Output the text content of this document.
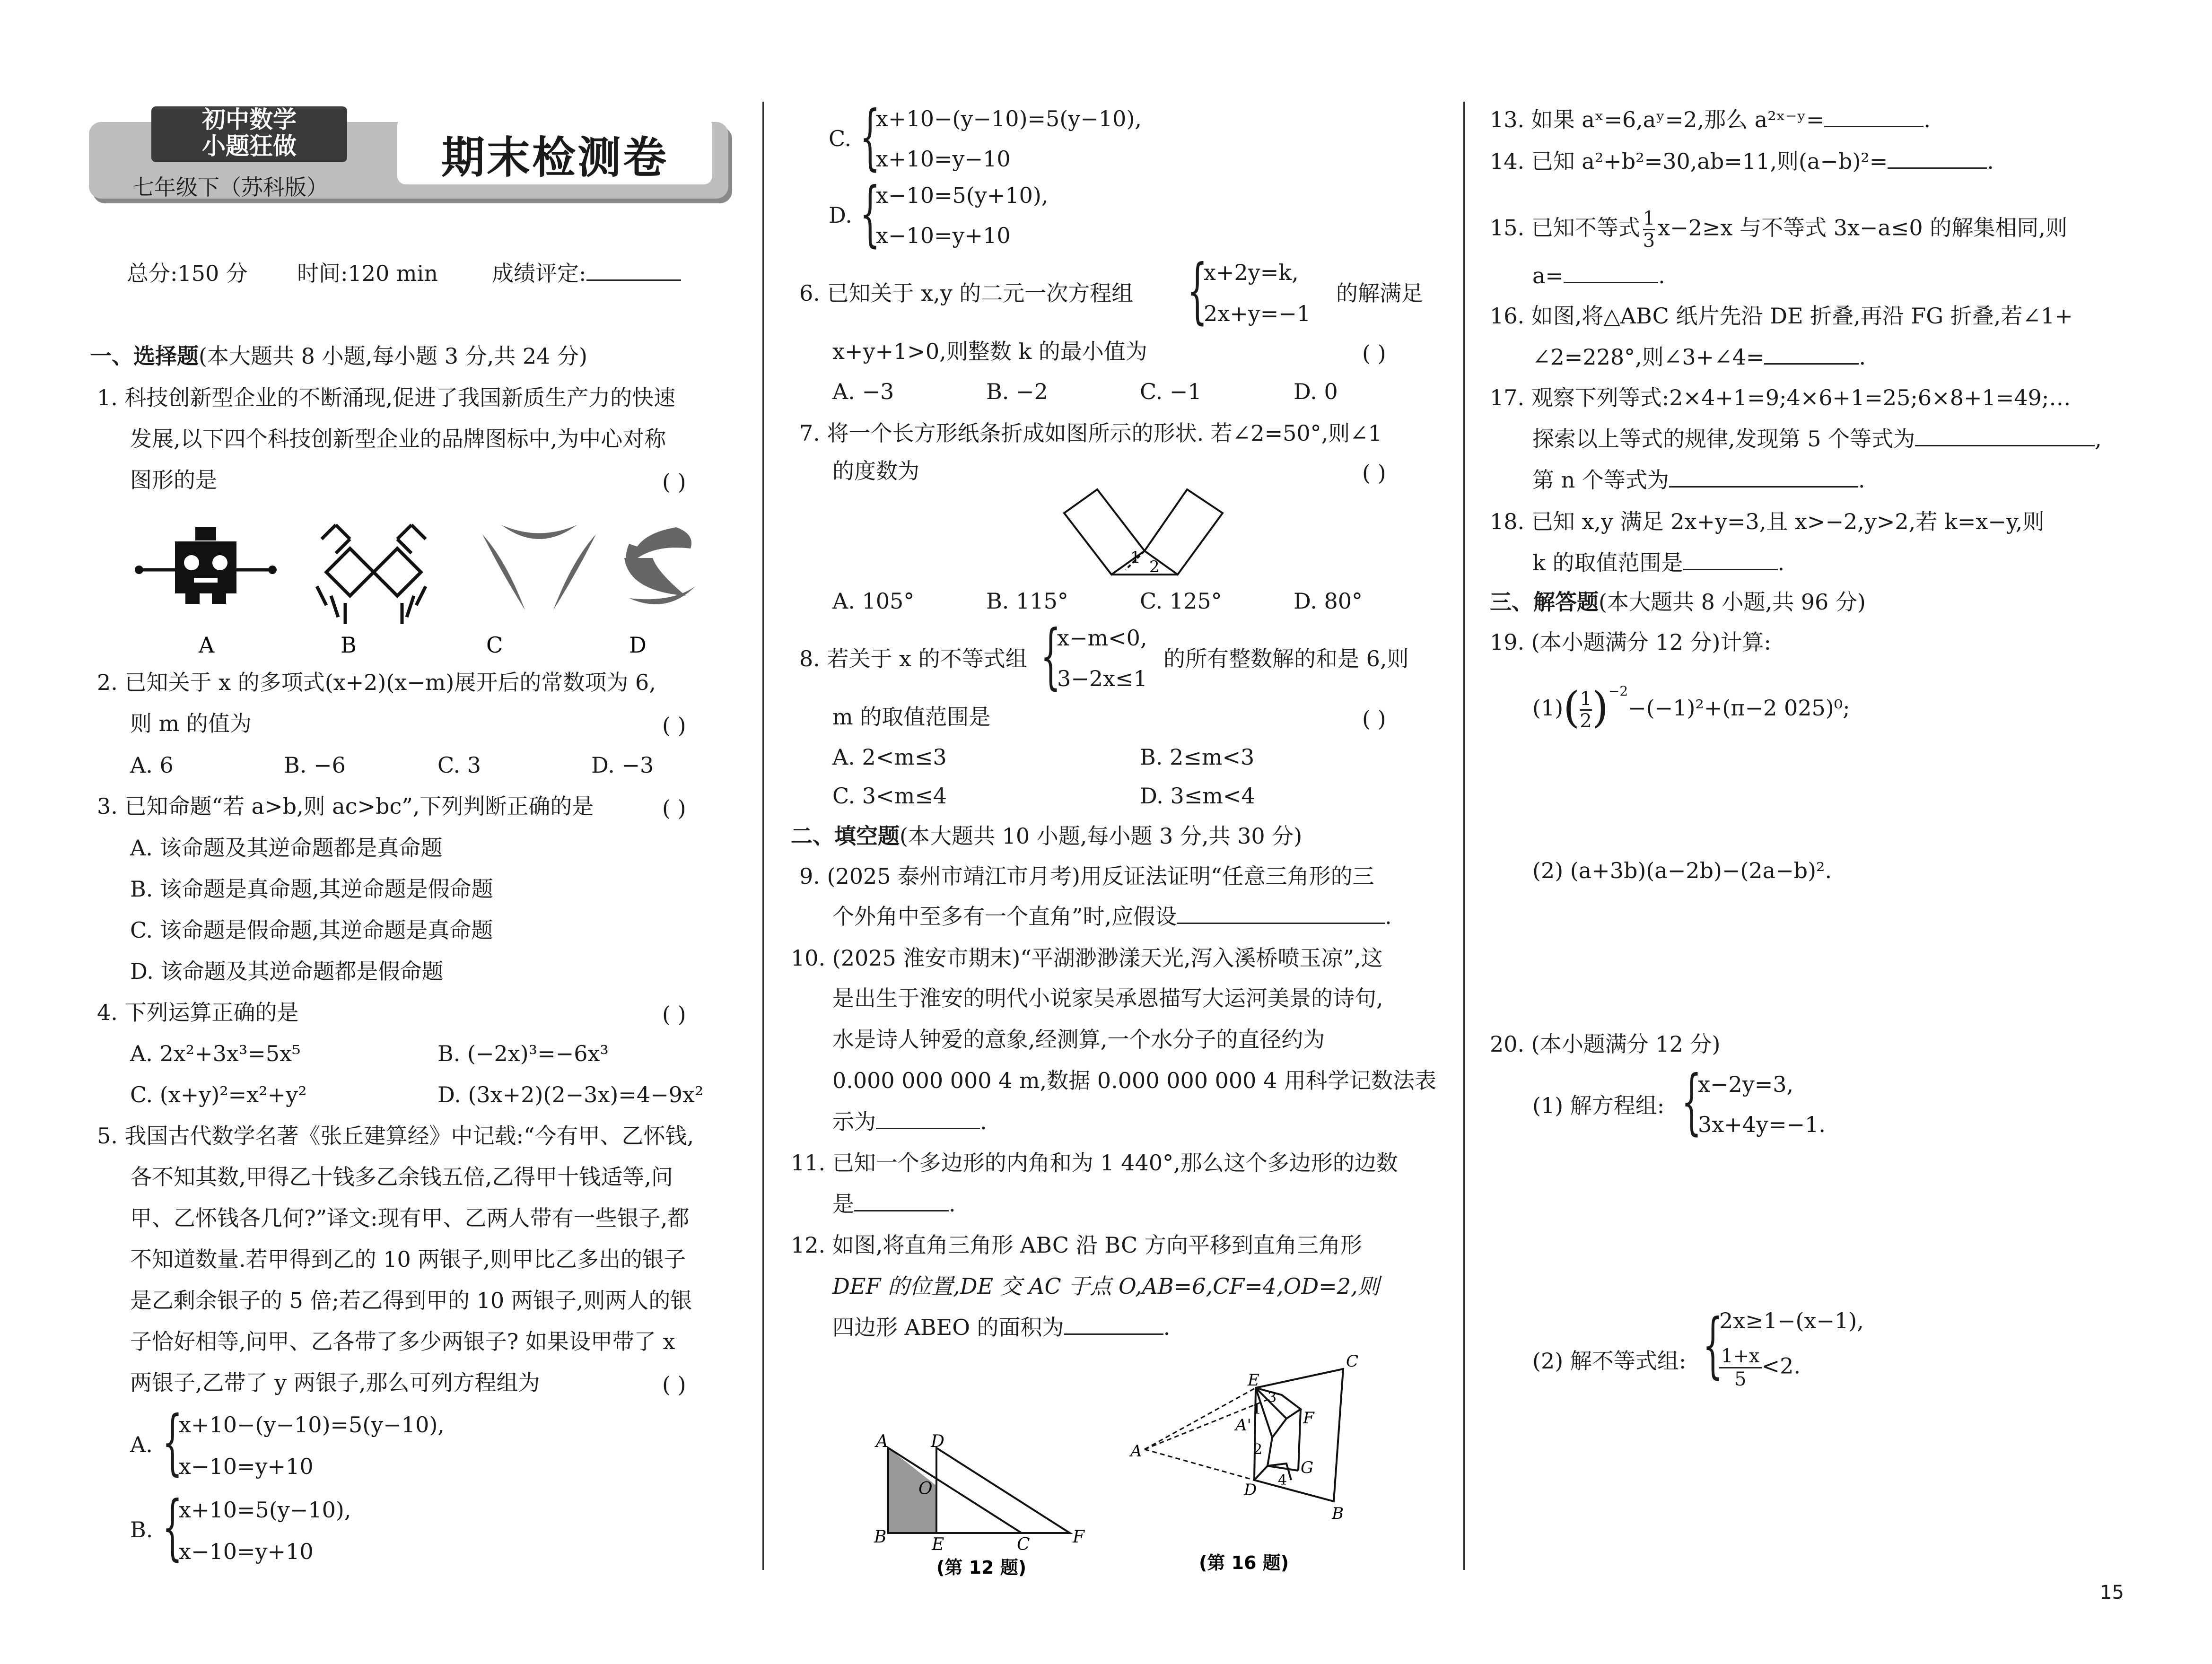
初中数学
小题狂做	期末检测卷
七年级下（苏科版）
总分:150 分 时间:120 min 成绩评定:
一、选择题(本大题共 8 小题,每小题 3 分,共 24 分)
1. 科技创新型企业的不断涌现,促进了我国新质生产力的快速
发展,以下四个科技创新型企业的品牌图标中,为中心对称
图形的是	( )
A	B	C	D
2. 已知关于 x 的多项式(x+2)(x−m)展开后的常数项为 6,
则 m 的值为	( )
A. 6	B. −6	C. 3	D. −3
3. 已知命题“若 a>b,则 ac>bc”,下列判断正确的是	( )
A. 该命题及其逆命题都是真命题
B. 该命题是真命题,其逆命题是假命题
C. 该命题是假命题,其逆命题是真命题
D. 该命题及其逆命题都是假命题
4. 下列运算正确的是	( )
A. 2x²+3x³=5x⁵	B. (−2x)³=−6x³
C. (x+y)²=x²+y²	D. (3x+2)(2−3x)=4−9x²
5. 我国古代数学名著《张丘建算经》中记载:“今有甲、乙怀钱,
各不知其数,甲得乙十钱多乙余钱五倍,乙得甲十钱适等,问
甲、乙怀钱各几何?”译文:现有甲、乙两人带有一些银子,都
不知道数量.若甲得到乙的 10 两银子,则甲比乙多出的银子
是乙剩余银子的 5 倍;若乙得到甲的 10 两银子,则两人的银
子恰好相等,问甲、乙各带了多少两银子? 如果设甲带了 x
两银子,乙带了 y 两银子,那么可列方程组为	( )
A. {
x+10−(y−10)=5(y−10),
x−10=y+10
B. {
x+10=5(y−10),
x−10=y+10
C. {
x+10−(y−10)=5(y−10),
x+10=y−10
D. {
x−10=5(y+10),
x−10=y+10
6. 已知关于 x,y 的二元一次方程组 {
x+2y=k,
2x+y=−1
的解满足
x+y+1>0,则整数 k 的最小值为	( )
A. −3	B. −2	C. −1	D. 0
7. 将一个长方形纸条折成如图所示的形状. 若∠2=50°,则∠1
的度数为	( )
1 2
A. 105°	B. 115°	C. 125°	D. 80°
8. 若关于 x 的不等式组 {
x−m<0,
3−2x≤1
的所有整数解的和是 6,则
m 的取值范围是	( )
A. 2<m≤3	B. 2≤m<3
C. 3<m≤4	D. 3≤m<4
二、填空题(本大题共 10 小题,每小题 3 分,共 30 分)
9. (2025 泰州市靖江市月考)用反证法证明“任意三角形的三
个外角中至多有一个直角”时,应假设	.
10. (2025 淮安市期末)“平湖渺渺漾天光,泻入溪桥喷玉凉”,这
是出生于淮安的明代小说家吴承恩描写大运河美景的诗句,
水是诗人钟爱的意象,经测算,一个水分子的直径约为
0.000 000 000 4 m,数据 0.000 000 000 4 用科学记数法表
示为	.
11. 已知一个多边形的内角和为 1 440°,那么这个多边形的边数
是	.
12. 如图,将直角三角形 ABC 沿 BC 方向平移到直角三角形
DEF 的位置,DE 交 AC 于点 O,AB=6,CF=4,OD=2,则
四边形 ABEO 的面积为	.
A	D
O
B	E	C	F
(第 12 题)
C
E
3
1
A'	F
A	2
G
D
4
B
(第 16 题)
13. 如果 aˣ=6,aʸ=2,那么 a²ˣ⁻ʸ=	.
14. 已知 a²+b²=30,ab=11,则(a−b)²=	.
15. 已知不等式 $\frac{1}{3} x-2\ge x$ 与不等式 3x−a≤0 的解集相同,则
a=	.
16. 如图,将△ABC 纸片先沿 DE 折叠,再沿 FG 折叠,若∠1+
∠2=228°,则∠3+∠4=	.
17. 观察下列等式:2×4+1=9;4×6+1=25;6×8+1=49;…
探索以上等式的规律,发现第 5 个等式为	,
第 n 个等式为	.
18. 已知 x,y 满足 2x+y=3,且 x>−2,y>2,若 k=x−y,则
k 的取值范围是	.
三、解答题(本大题共 8 小题,共 96 分)
19. (本小题满分 12 分)计算:
$(1)( \frac{1}{2} )^{-2}-(-1)^2+(\pi-2$ 025)⁰;
(2) (a+3b)(a−2b)−(2a−b)².
20. (本小题满分 12 分)
(1) 解方程组: {
x−2y=3,
3x+4y=−1.
(2) 解不等式组: {
2x≥1−(x−1),
$\frac{1+x}{5} <2$.
15
